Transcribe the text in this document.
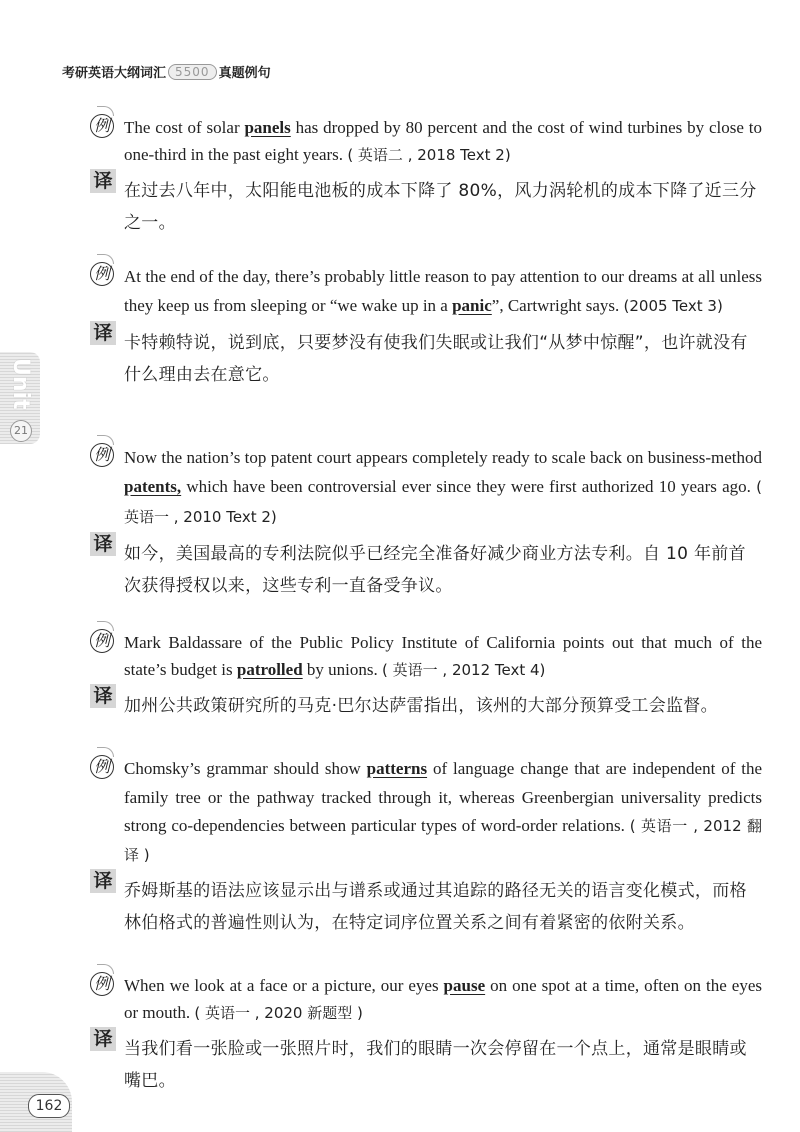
考研英语大纲词汇 5500 真题例句
Unit
21
162
例 The cost of solar panels has dropped by 80 percent and the cost of wind turbines by close to one-third in the past eight years. ( 英语二 , 2018 Text 2)
译 在过去八年中，太阳能电池板的成本下降了 80%，风力涡轮机的成本下降了近三分之一。
例 At the end of the day, there’s probably little reason to pay attention to our dreams at all unless they keep us from sleeping or “we wake up in a panic”, Cartwright says. (2005 Text 3)
译 卡特赖特说，说到底，只要梦没有使我们失眠或让我们“从梦中惊醒”，也许就没有什么理由去在意它。
例 Now the nation’s top patent court appears completely ready to scale back on business-method patents, which have been controversial ever since they were first authorized 10 years ago. ( 英语一 , 2010 Text 2)
译 如今，美国最高的专利法院似乎已经完全准备好减少商业方法专利。自 10 年前首次获得授权以来，这些专利一直备受争议。
例 Mark Baldassare of the Public Policy Institute of California points out that much of the state’s budget is patrolled by unions. ( 英语一 , 2012 Text 4)
译 加州公共政策研究所的马克·巴尔达萨雷指出，该州的大部分预算受工会监督。
例 Chomsky’s grammar should show patterns of language change that are independent of the family tree or the pathway tracked through it, whereas Greenbergian universality predicts strong co-dependencies between particular types of word-order relations. ( 英语一 , 2012 翻译 )
译 乔姆斯基的语法应该显示出与谱系或通过其追踪的路径无关的语言变化模式，而格林伯格式的普遍性则认为，在特定词序位置关系之间有着紧密的依附关系。
例 When we look at a face or a picture, our eyes pause on one spot at a time, often on the eyes or mouth. ( 英语一 , 2020 新题型 )
译 当我们看一张脸或一张照片时，我们的眼睛一次会停留在一个点上，通常是眼睛或嘴巴。
